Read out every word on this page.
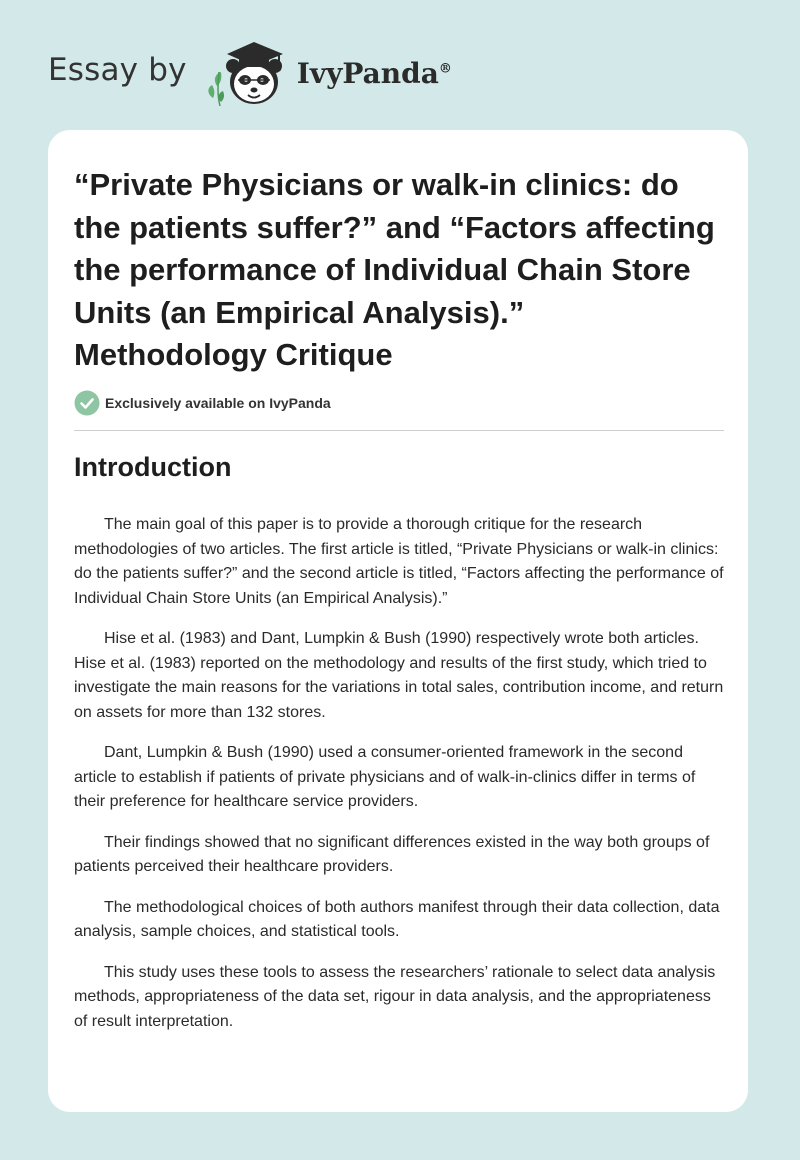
Essay by	IvyPanda®
“Private Physicians or walk-in clinics: do the patients suffer?” and “Factors affecting the performance of Individual Chain Store Units (an Empirical Analysis).” Methodology Critique
Exclusively available on IvyPanda
Introduction

The main goal of this paper is to provide a thorough critique for the research methodologies of two articles. The first article is titled, “Private Physicians or walk-in clinics: do the patients suffer?” and the second article is titled, “Factors affecting the performance of Individual Chain Store Units (an Empirical Analysis).”

Hise et al. (1983) and Dant, Lumpkin & Bush (1990) respectively wrote both articles. Hise et al. (1983) reported on the methodology and results of the first study, which tried to investigate the main reasons for the variations in total sales, contribution income, and return on assets for more than 132 stores.

Dant, Lumpkin & Bush (1990) used a consumer-oriented framework in the second article to establish if patients of private physicians and of walk-in-clinics differ in terms of their preference for healthcare service providers.

Their findings showed that no significant differences existed in the way both groups of patients perceived their healthcare providers.

The methodological choices of both authors manifest through their data collection, data analysis, sample choices, and statistical tools.

This study uses these tools to assess the researchers’ rationale to select data analysis methods, appropriateness of the data set, rigour in data analysis, and the appropriateness of result interpretation.
